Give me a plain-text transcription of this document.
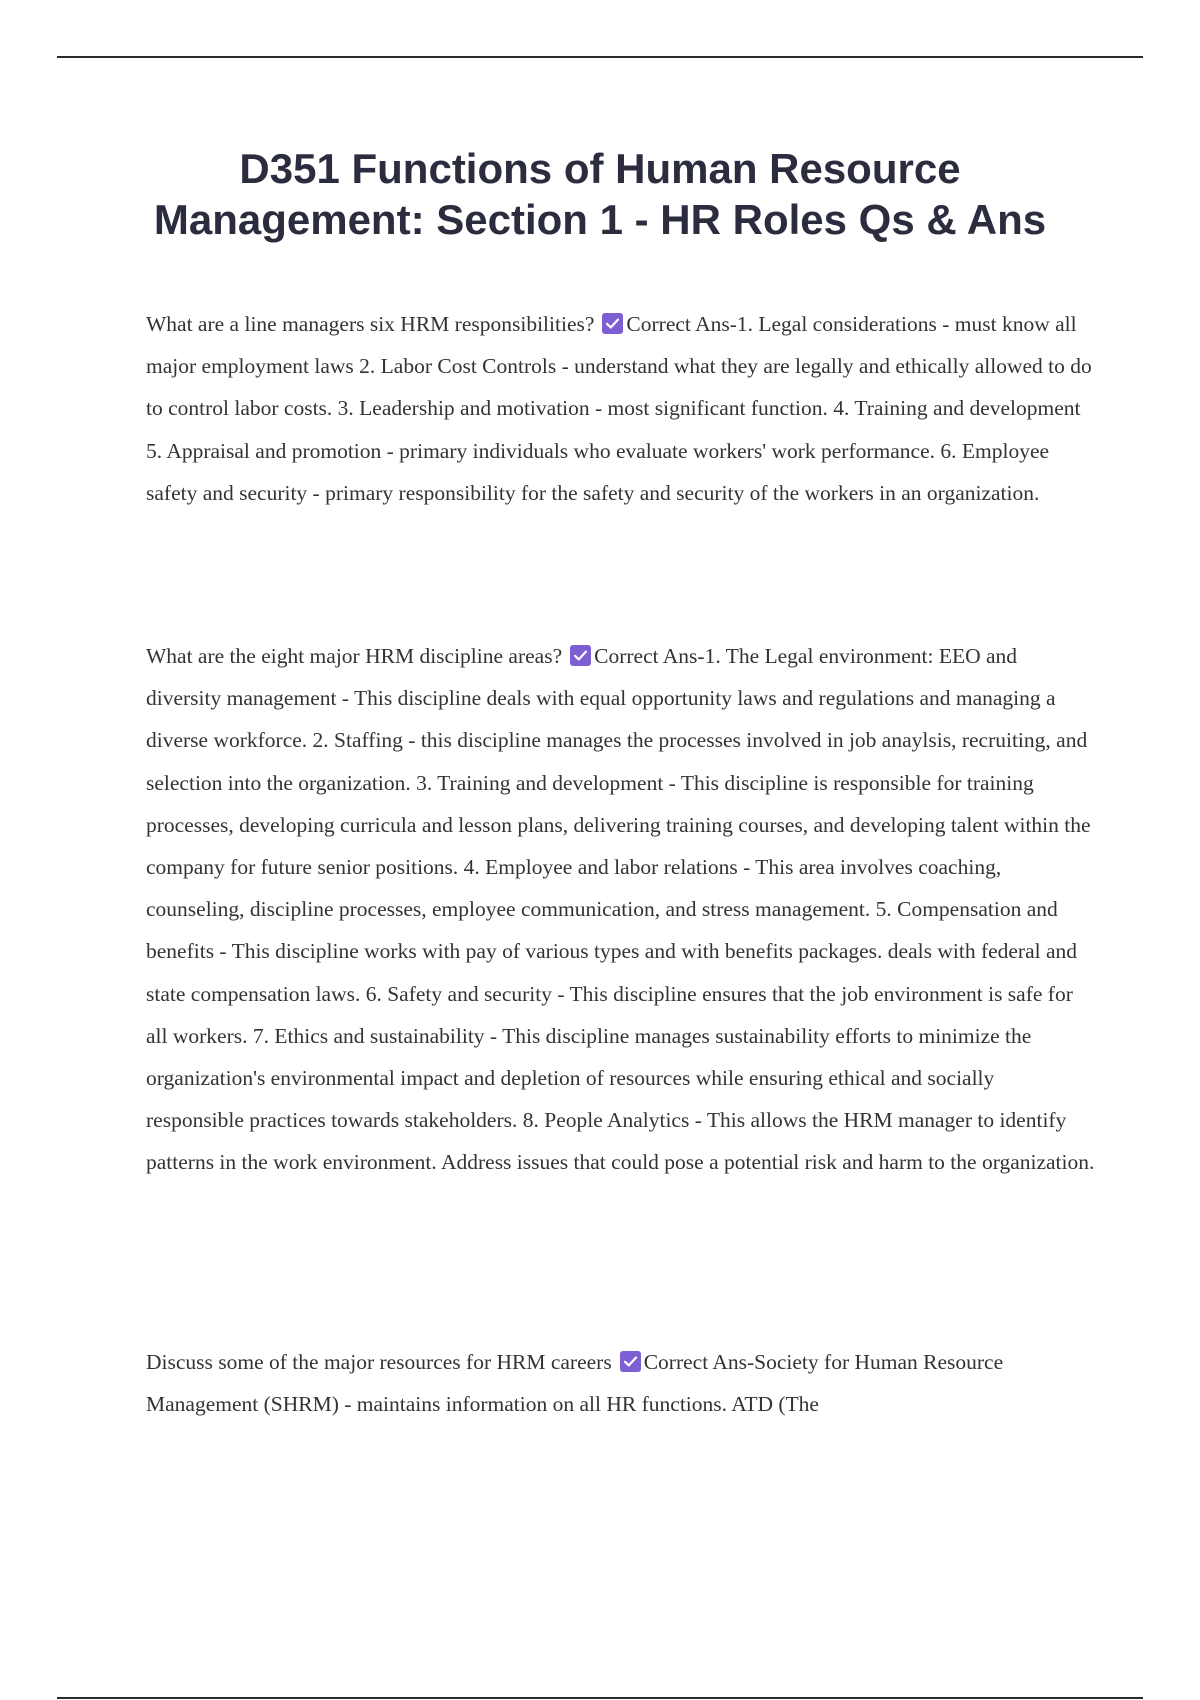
D351 Functions of Human Resource Management: Section 1 - HR Roles Qs & Ans

What are a line managers six HRM responsibilities? Correct Ans-1. Legal considerations - must know all major employment laws 2. Labor Cost Controls - understand what they are legally and ethically allowed to do to control labor costs. 3. Leadership and motivation - most significant function. 4. Training and development 5. Appraisal and promotion - primary individuals who evaluate workers' work performance. 6. Employee safety and security - primary responsibility for the safety and security of the workers in an organization.

What are the eight major HRM discipline areas? Correct Ans-1. The Legal environment: EEO and diversity management - This discipline deals with equal opportunity laws and regulations and managing a diverse workforce. 2. Staffing - this discipline manages the processes involved in job anaylsis, recruiting, and selection into the organization. 3. Training and development - This discipline is responsible for training processes, developing curricula and lesson plans, delivering training courses, and developing talent within the company for future senior positions. 4. Employee and labor relations - This area involves coaching, counseling, discipline processes, employee communication, and stress management. 5. Compensation and benefits - This discipline works with pay of various types and with benefits packages. deals with federal and state compensation laws. 6. Safety and security - This discipline ensures that the job environment is safe for all workers. 7. Ethics and sustainability - This discipline manages sustainability efforts to minimize the organization's environmental impact and depletion of resources while ensuring ethical and socially responsible practices towards stakeholders. 8. People Analytics - This allows the HRM manager to identify patterns in the work environment. Address issues that could pose a potential risk and harm to the organization.

Discuss some of the major resources for HRM careers Correct Ans-Society for Human Resource Management (SHRM) - maintains information on all HR functions. ATD (The
